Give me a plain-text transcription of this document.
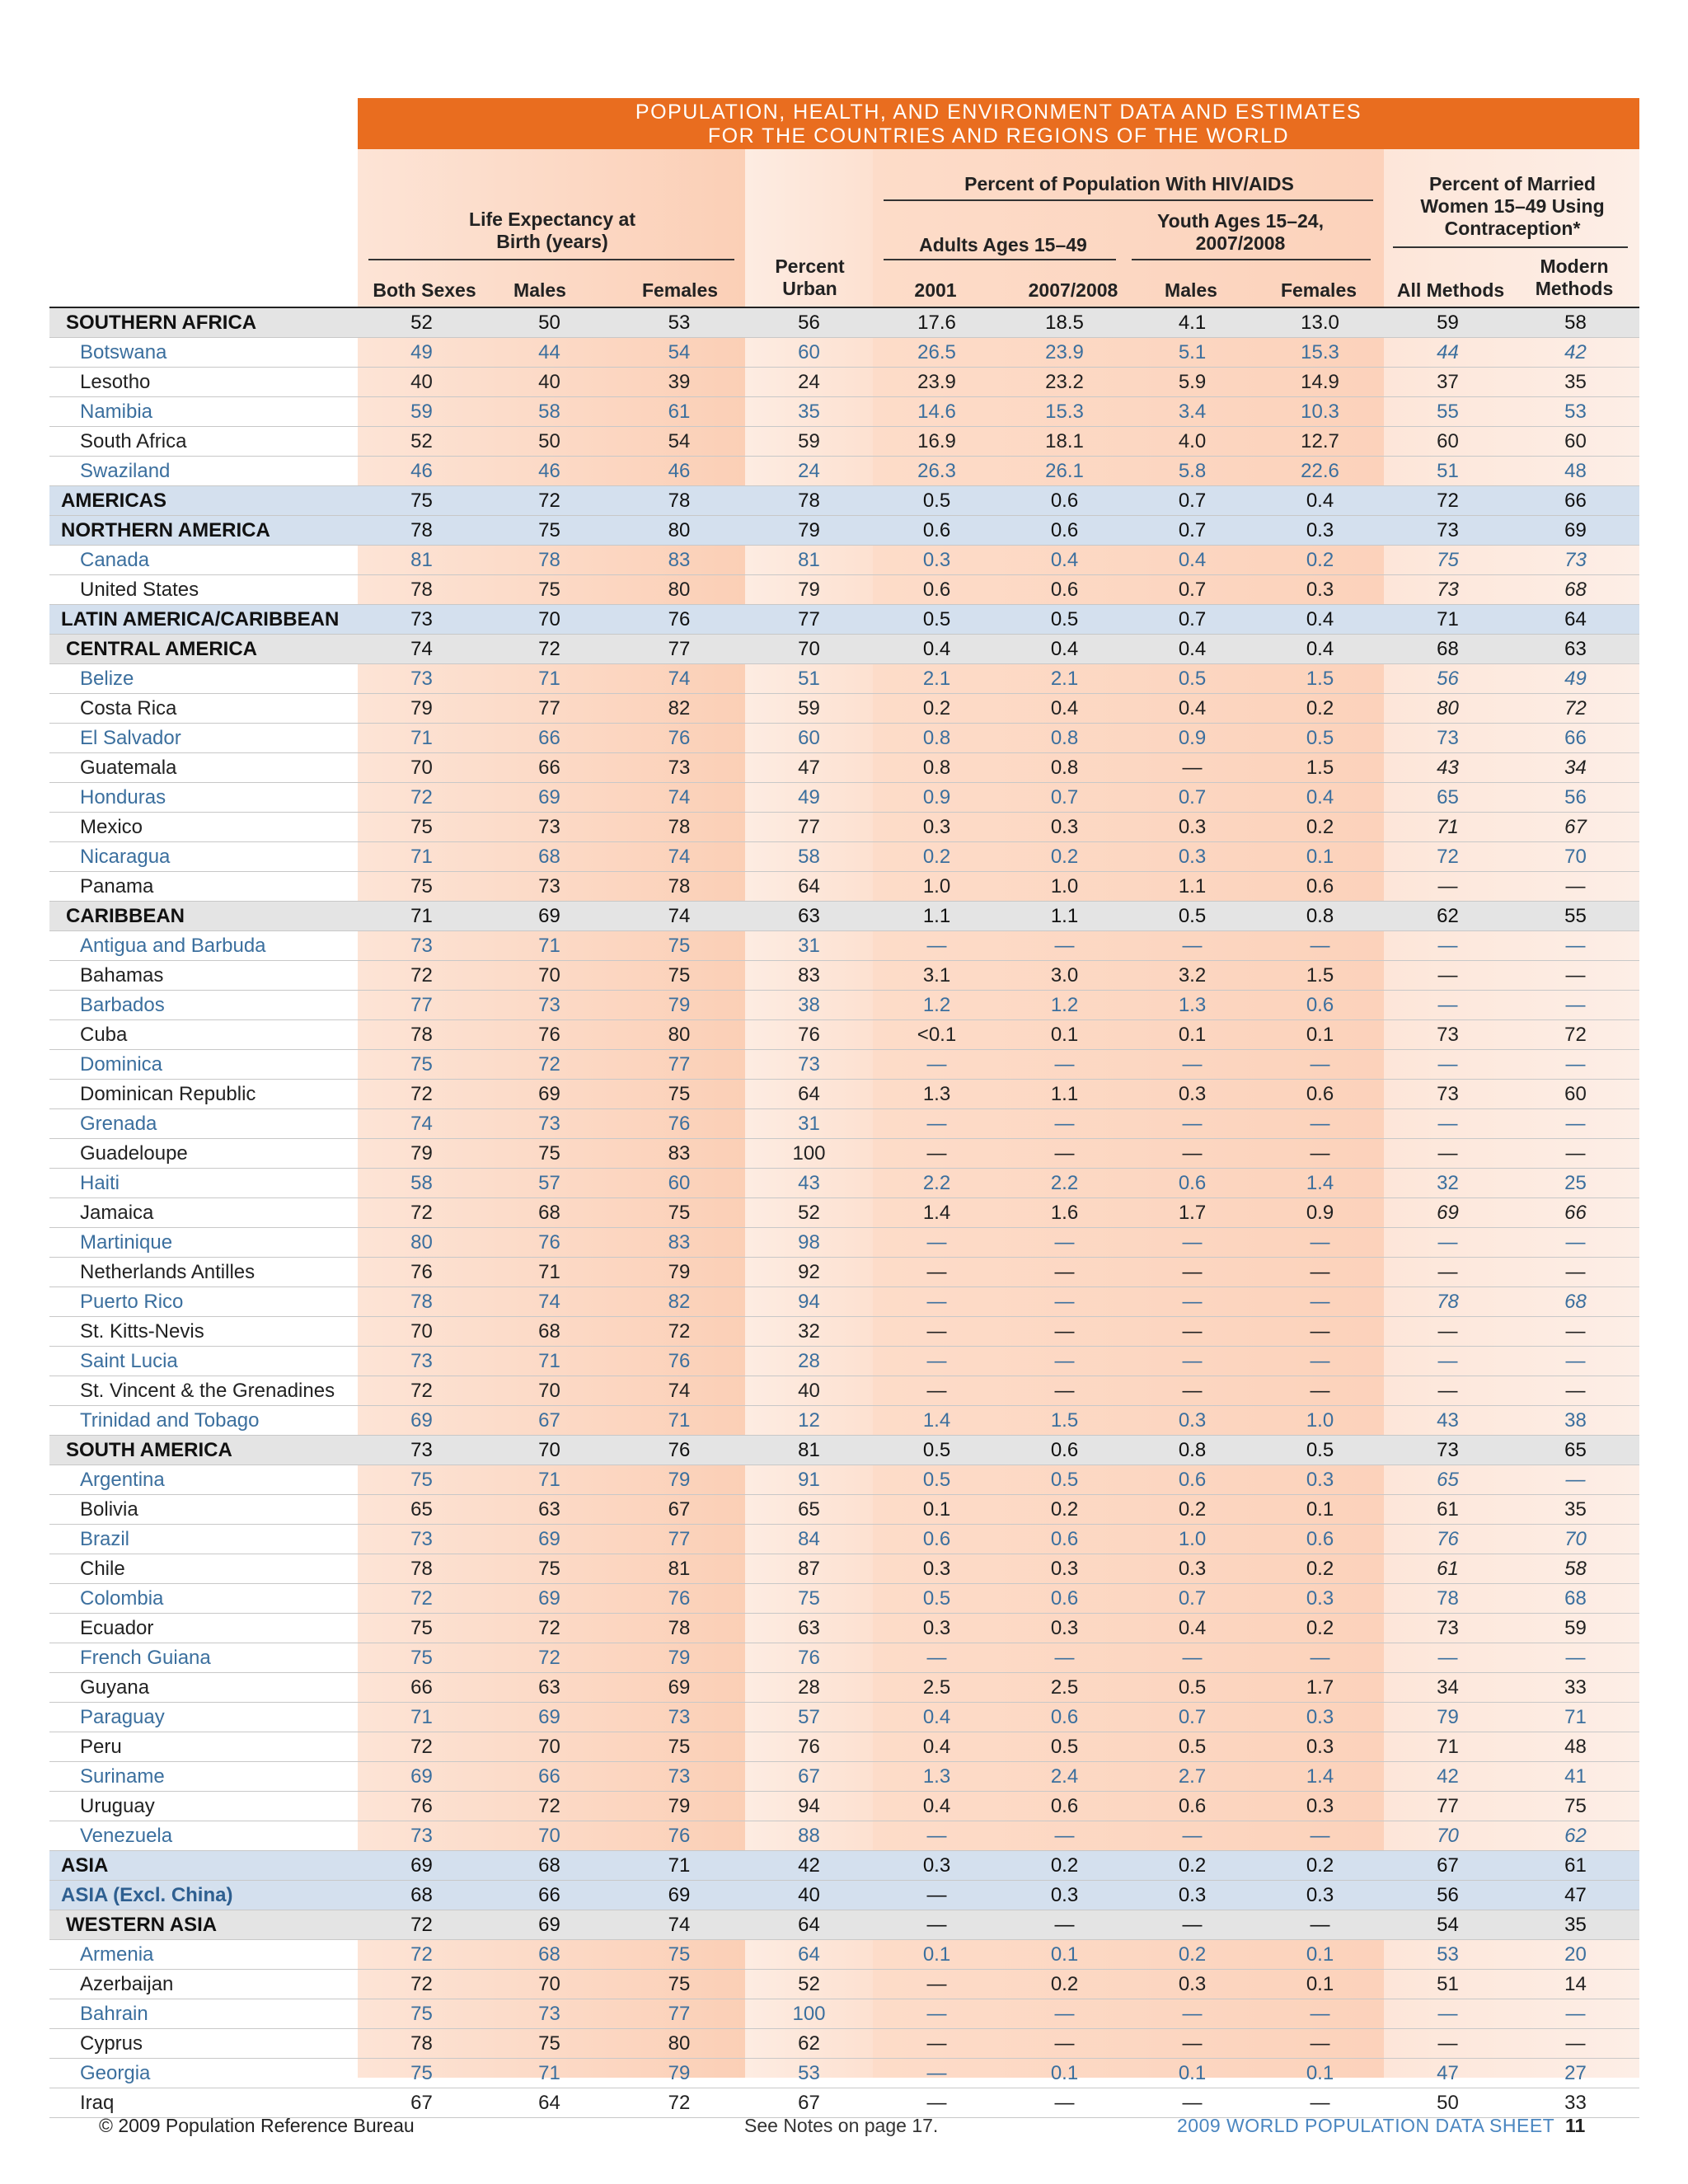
POPULATION, HEALTH, AND ENVIRONMENT DATA AND ESTIMATES
FOR THE COUNTRIES AND REGIONS OF THE WORLD
Life Expectancy at Birth (years)
Percent Urban
Percent of Population With HIV/AIDS
Adults Ages 15–49
Youth Ages 15–24, 2007/2008
Percent of Married Women 15–49 Using Contraception*
Both Sexes	Males	Females	2001	2007/2008	Males	Females	All Methods
Modern Methods
SOUTHERN AFRICA	52	50	53	56	17.6	18.5	4.1	13.0	59	58
Botswana	49	44	54	60	26.5	23.9	5.1	15.3	44	42
Lesotho	40	40	39	24	23.9	23.2	5.9	14.9	37	35
Namibia	59	58	61	35	14.6	15.3	3.4	10.3	55	53
South Africa	52	50	54	59	16.9	18.1	4.0	12.7	60	60
Swaziland	46	46	46	24	26.3	26.1	5.8	22.6	51	48
AMERICAS	75	72	78	78	0.5	0.6	0.7	0.4	72	66
NORTHERN AMERICA	78	75	80	79	0.6	0.6	0.7	0.3	73	69
Canada	81	78	83	81	0.3	0.4	0.4	0.2	75	73
United States	78	75	80	79	0.6	0.6	0.7	0.3	73	68
LATIN AMERICA/CARIBBEAN	73	70	76	77	0.5	0.5	0.7	0.4	71	64
CENTRAL AMERICA	74	72	77	70	0.4	0.4	0.4	0.4	68	63
Belize	73	71	74	51	2.1	2.1	0.5	1.5	56	49
Costa Rica	79	77	82	59	0.2	0.4	0.4	0.2	80	72
El Salvador	71	66	76	60	0.8	0.8	0.9	0.5	73	66
Guatemala	70	66	73	47	0.8	0.8	—	1.5	43	34
Honduras	72	69	74	49	0.9	0.7	0.7	0.4	65	56
Mexico	75	73	78	77	0.3	0.3	0.3	0.2	71	67
Nicaragua	71	68	74	58	0.2	0.2	0.3	0.1	72	70
Panama	75	73	78	64	1.0	1.0	1.1	0.6	—	—
CARIBBEAN	71	69	74	63	1.1	1.1	0.5	0.8	62	55
Antigua and Barbuda	73	71	75	31	—	—	—	—	—	—
Bahamas	72	70	75	83	3.1	3.0	3.2	1.5	—	—
Barbados	77	73	79	38	1.2	1.2	1.3	0.6	—	—
Cuba	78	76	80	76	<0.1	0.1	0.1	0.1	73	72
Dominica	75	72	77	73	—	—	—	—	—	—
Dominican Republic	72	69	75	64	1.3	1.1	0.3	0.6	73	60
Grenada	74	73	76	31	—	—	—	—	—	—
Guadeloupe	79	75	83	100	—	—	—	—	—	—
Haiti	58	57	60	43	2.2	2.2	0.6	1.4	32	25
Jamaica	72	68	75	52	1.4	1.6	1.7	0.9	69	66
Martinique	80	76	83	98	—	—	—	—	—	—
Netherlands Antilles	76	71	79	92	—	—	—	—	—	—
Puerto Rico	78	74	82	94	—	—	—	—	78	68
St. Kitts-Nevis	70	68	72	32	—	—	—	—	—	—
Saint Lucia	73	71	76	28	—	—	—	—	—	—
St. Vincent & the Grenadines	72	70	74	40	—	—	—	—	—	—
Trinidad and Tobago	69	67	71	12	1.4	1.5	0.3	1.0	43	38
SOUTH AMERICA	73	70	76	81	0.5	0.6	0.8	0.5	73	65
Argentina	75	71	79	91	0.5	0.5	0.6	0.3	65	—
Bolivia	65	63	67	65	0.1	0.2	0.2	0.1	61	35
Brazil	73	69	77	84	0.6	0.6	1.0	0.6	76	70
Chile	78	75	81	87	0.3	0.3	0.3	0.2	61	58
Colombia	72	69	76	75	0.5	0.6	0.7	0.3	78	68
Ecuador	75	72	78	63	0.3	0.3	0.4	0.2	73	59
French Guiana	75	72	79	76	—	—	—	—	—	—
Guyana	66	63	69	28	2.5	2.5	0.5	1.7	34	33
Paraguay	71	69	73	57	0.4	0.6	0.7	0.3	79	71
Peru	72	70	75	76	0.4	0.5	0.5	0.3	71	48
Suriname	69	66	73	67	1.3	2.4	2.7	1.4	42	41
Uruguay	76	72	79	94	0.4	0.6	0.6	0.3	77	75
Venezuela	73	70	76	88	—	—	—	—	70	62
ASIA	69	68	71	42	0.3	0.2	0.2	0.2	67	61
ASIA (Excl. China)	68	66	69	40	—	0.3	0.3	0.3	56	47
WESTERN ASIA	72	69	74	64	—	—	—	—	54	35
Armenia	72	68	75	64	0.1	0.1	0.2	0.1	53	20
Azerbaijan	72	70	75	52	—	0.2	0.3	0.1	51	14
Bahrain	75	73	77	100	—	—	—	—	—	—
Cyprus	78	75	80	62	—	—	—	—	—	—
Georgia	75	71	79	53	—	0.1	0.1	0.1	47	27
Iraq	67	64	72	67	—	—	—	—	50	33
© 2009 Population Reference Bureau	See Notes on page 17.	2009 WORLD POPULATION DATA SHEET 11
